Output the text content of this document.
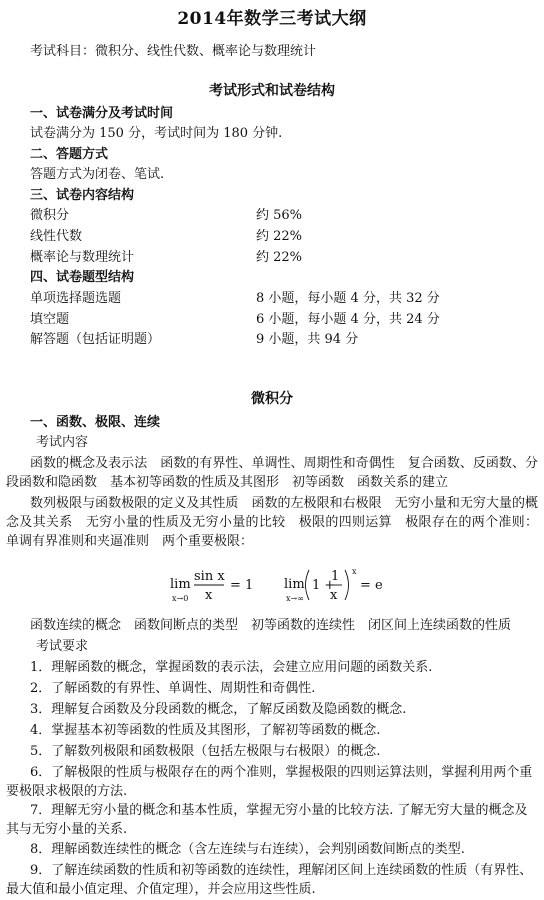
2014年数学三考试大纲
考试科目：微积分、线性代数、概率论与数理统计
考试形式和试卷结构
一、试卷满分及考试时间
试卷满分为 150 分，考试时间为 180 分钟.
二、答题方式
答题方式为闭卷、笔试.
三、试卷内容结构
微积分	约 56%
线性代数	约 22%
概率论与数理统计	约 22%
四、试卷题型结构
单项选择题选题	8 小题，每小题 4 分，共 32 分
填空题	6 小题，每小题 4 分，共 24 分
解答题（包括证明题）	9 小题，共 94 分
微积分
一、函数、极限、连续
考试内容
函数的概念及表示法　函数的有界性、单调性、周期性和奇偶性　复合函数、反函数、分段函数和隐函数　基本初等函数的性质及其图形　初等函数　函数关系的建立
数列极限与函数极限的定义及其性质　函数的左极限和右极限　无穷小量和无穷大量的概念及其关系　无穷小量的性质及无穷小量的比较　极限的四则运算　极限存在的两个准则：单调有界准则和夹逼准则　两个重要极限：
lim
x→0
sin x
x
= 1 lim
x→∞
1 +
1
x
x
= e
函数连续的概念　函数间断点的类型　初等函数的连续性　闭区间上连续函数的性质
考试要求
1．理解函数的概念，掌握函数的表示法，会建立应用问题的函数关系.
2．了解函数的有界性、单调性、周期性和奇偶性.
3．理解复合函数及分段函数的概念，了解反函数及隐函数的概念.
4．掌握基本初等函数的性质及其图形，了解初等函数的概念.
5．了解数列极限和函数极限（包括左极限与右极限）的概念.
6．了解极限的性质与极限存在的两个准则，掌握极限的四则运算法则，掌握利用两个重要极限求极限的方法.
7．理解无穷小量的概念和基本性质，掌握无穷小量的比较方法. 了解无穷大量的概念及其与无穷小量的关系.
8．理解函数连续性的概念（含左连续与右连续），会判别函数间断点的类型.
9．了解连续函数的性质和初等函数的连续性，理解闭区间上连续函数的性质（有界性、最大值和最小值定理、介值定理），并会应用这些性质.
